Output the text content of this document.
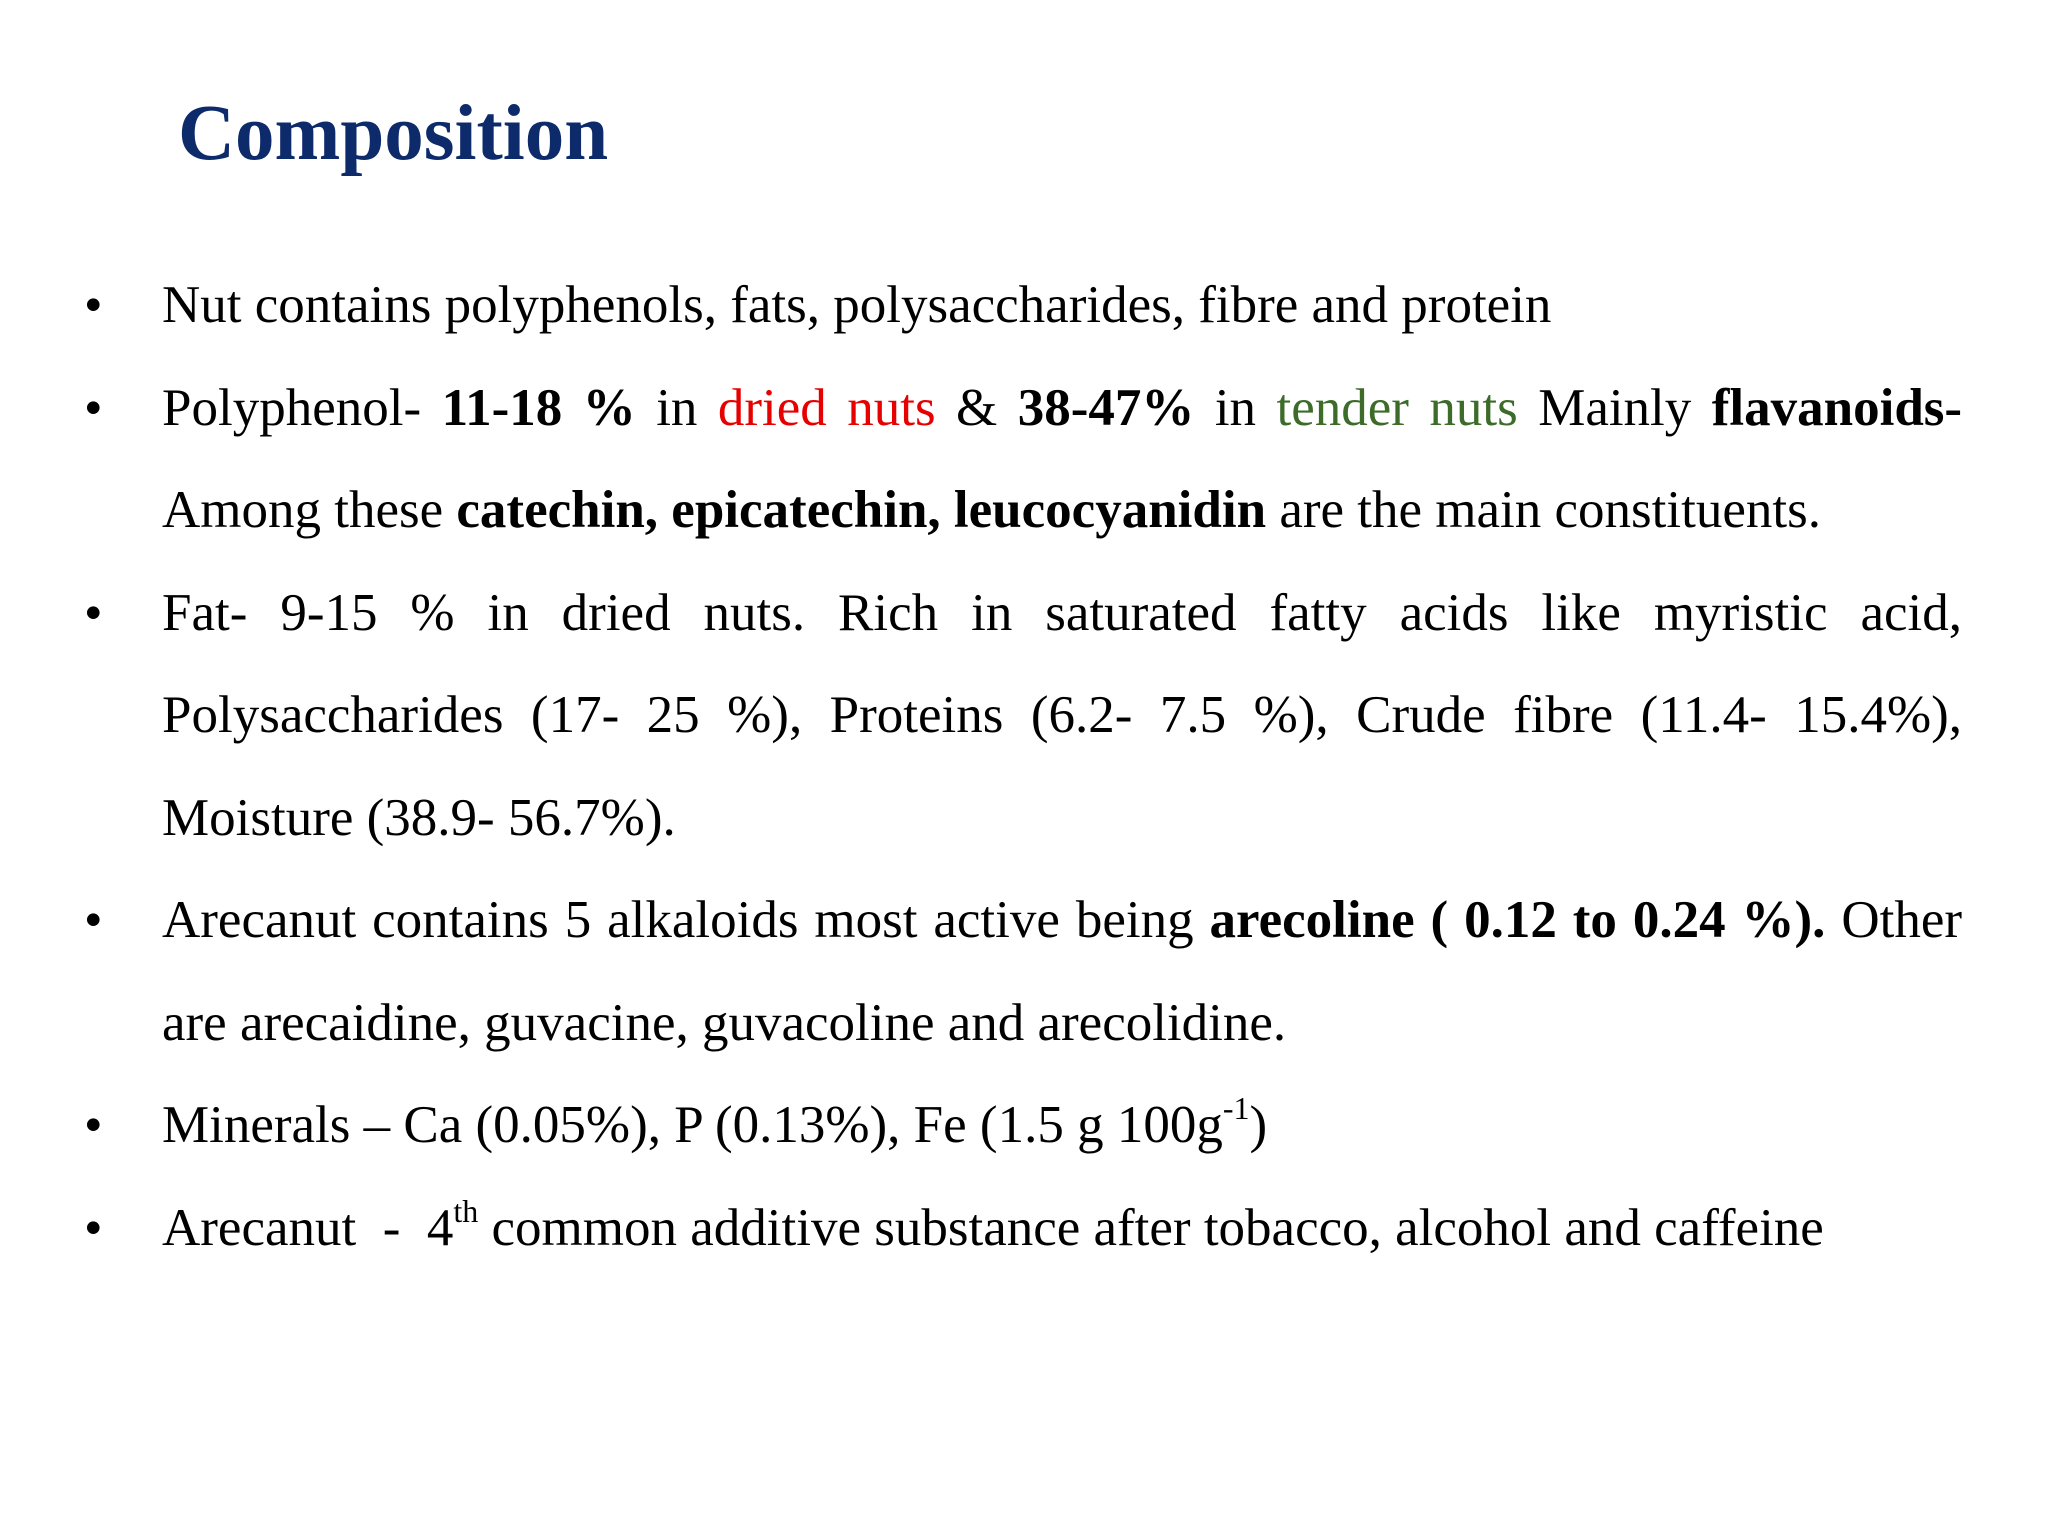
Composition
• Nut contains polyphenols, fats, polysaccharides, fibre and protein
• Polyphenol- 11-18 % in dried nuts & 38-47% in tender nuts Mainly flavanoids- Among these catechin, epicatechin, leucocyanidin are the main constituents.
• Fat- 9-15 % in dried nuts. Rich in saturated fatty acids like myristic acid, Polysaccharides (17- 25 %), Proteins (6.2- 7.5 %), Crude fibre (11.4- 15.4%), Moisture (38.9- 56.7%).
• Arecanut contains 5 alkaloids most active being arecoline ( 0.12 to 0.24 %). Other are arecaidine, guvacine, guvacoline and arecolidine.
• Minerals – Ca (0.05%), P (0.13%), Fe (1.5 g $100g^{-1}$)
• Arecanut  -  4th common additive substance after tobacco, alcohol and caffeine
